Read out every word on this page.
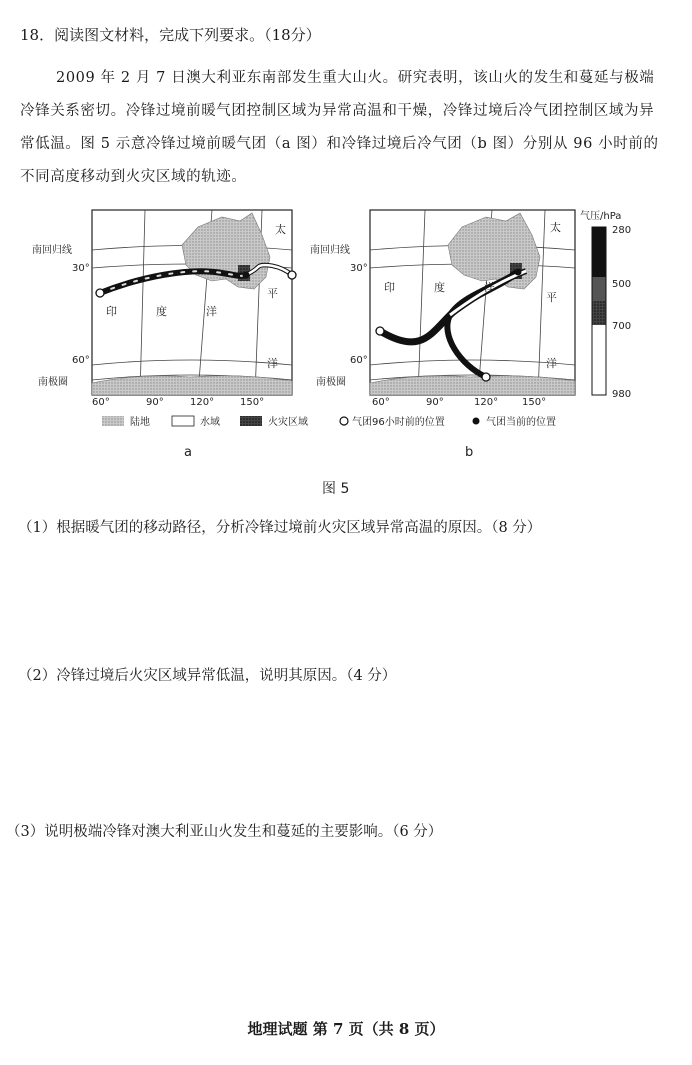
18．阅读图文材料，完成下列要求。（18分）
2009 年 2 月 7 日澳大利亚东南部发生重大山火。研究表明，该山火的发生和蔓延与极端冷锋关系密切。冷锋过境前暖气团控制区域为异常高温和干燥，冷锋过境后冷气团控制区域为异常低温。图 5 示意冷锋过境前暖气团（a 图）和冷锋过境后冷气团（b 图）分别从 96 小时前的不同高度移动到火灾区域的轨迹。
南回归线
30°
60°
南极圈
60°	90°	120°	150°
印	度	洋
太
平
洋
南回归线
30°
60°
南极圈
60°	90°	120° 150°
印	度	洋
太
平
洋
气压/hPa
280
500
700
980
陆地	水域	火灾区域	气团96小时前的位置	气团当前的位置
a	b
图 5
（1）根据暖气团的移动路径，分析冷锋过境前火灾区域异常高温的原因。（8 分）
（2）冷锋过境后火灾区域异常低温，说明其原因。（4 分）
（3）说明极端冷锋对澳大利亚山火发生和蔓延的主要影响。（6 分）
地理试题 第 7 页（共 8 页）
